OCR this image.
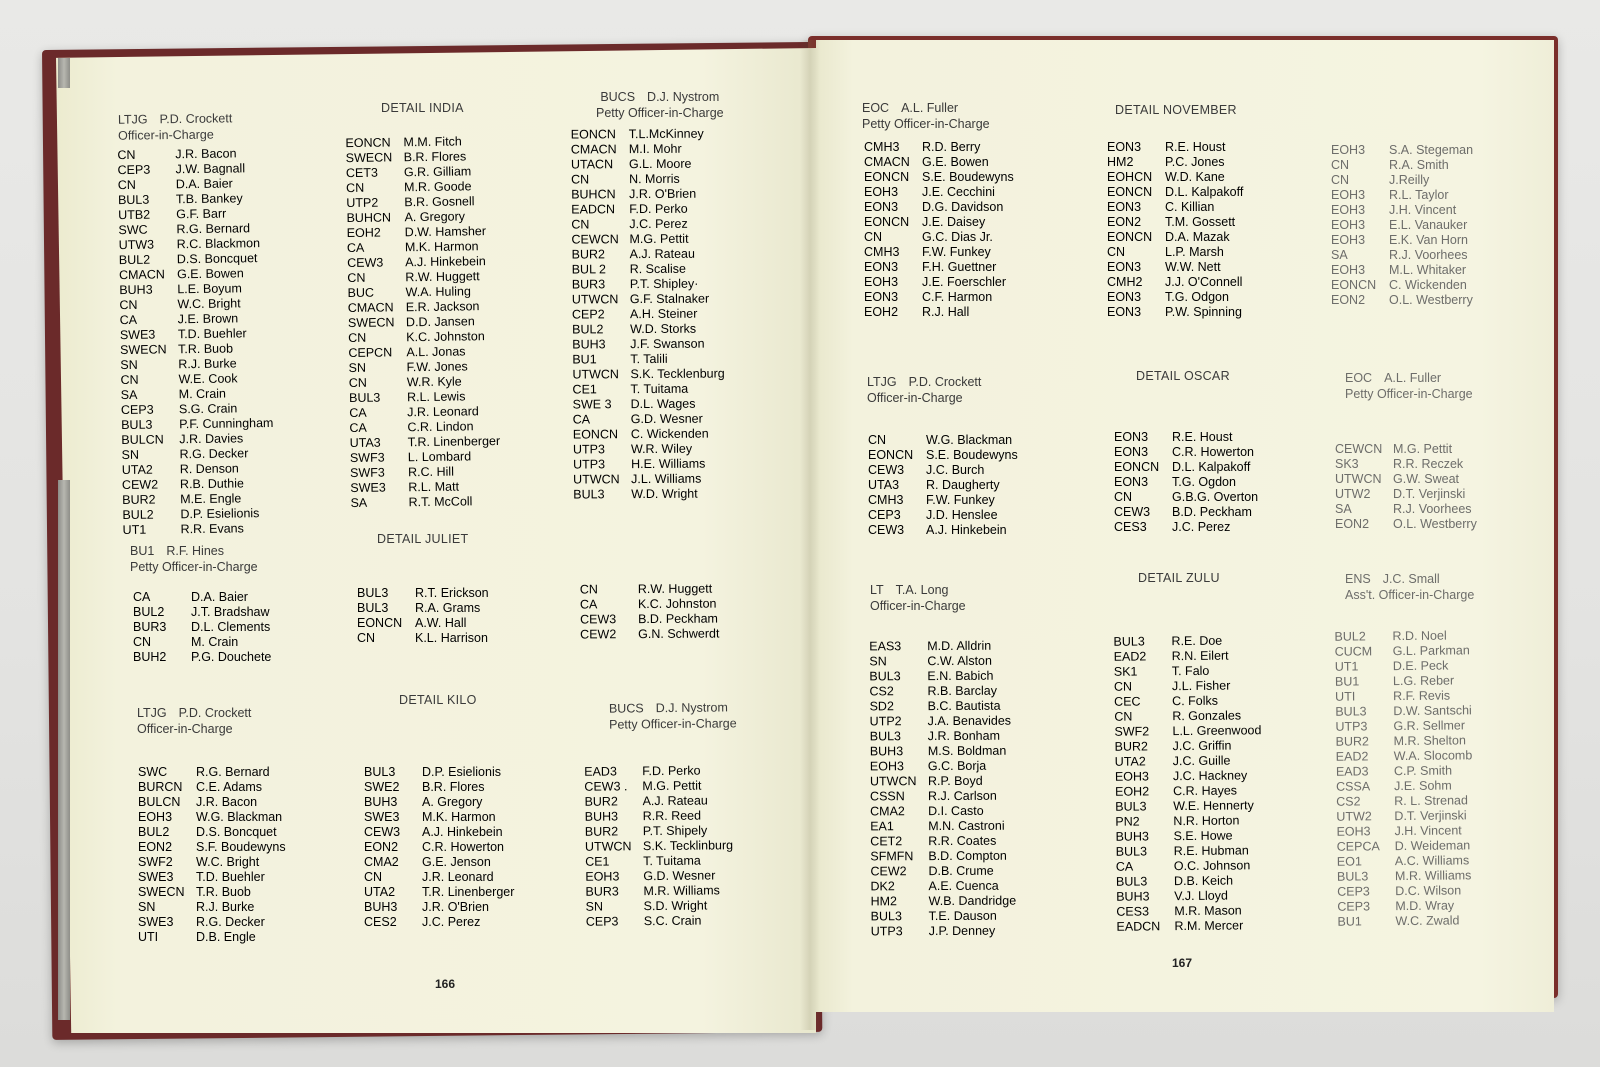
LTJG P.D. Crockett
Officer-in-Charge
DETAIL INDIA
BUCS D.J. Nystrom
Petty Officer-in-Charge
CN	J.R. Bacon
CEP3	J.W. Bagnall
CN	D.A. Baier
BUL3	T.B. Bankey
UTB2	G.F. Barr
SWC	R.G. Bernard
UTW3	R.C. Blackmon
BUL2	D.S. Boncquet
CMACN G.E. Bowen
BUH3	L.E. Boyum
CN	W.C. Bright
CA	J.E. Brown
SWE3	T.D. Buehler
SWECN T.R. Buob
SN	R.J. Burke
CN	W.E. Cook
SA	M. Crain
CEP3	S.G. Crain
BUL3	P.F. Cunningham
BULCN	J.R. Davies
SN	R.G. Decker
UTA2	R. Denson
CEW2	R.B. Duthie
BUR2	M.E. Engle
BUL2	D.P. Esielionis
UT1	R.R. Evans
EONCN	M.M. Fitch
SWECN B.R. Flores
CET3	G.R. Gilliam
CN	M.R. Goode
UTP2	B.R. Gosnell
BUHCN	A. Gregory
EOH2	D.W. Hamsher
CA	M.K. Harmon
CEW3	A.J. Hinkebein
CN	R.W. Huggett
BUC	W.A. Huling
CMACN E.R. Jackson
SWECN D.D. Jansen
CN	K.C. Johnston
CEPCN	A.L. Jonas
SN	F.W. Jones
CN	W.R. Kyle
BUL3	R.L. Lewis
CA	J.R. Leonard
CA	C.R. Lindon
UTA3	T.R. Linenberger
SWF3	L. Lombard
SWF3	R.C. Hill
SWE3	R.L. Matt
SA	R.T. McColl
EONCN	T.L.McKinney
CMACN M.I. Mohr
UTACN	G.L. Moore
CN	N. Morris
BUHCN	J.R. O'Brien
EADCN	F.D. Perko
CN	J.C. Perez
CEWCN M.G. Pettit
BUR2	A.J. Rateau
BUL 2	R. Scalise
BUR3	P.T. Shipley·
UTWCN G.F. Stalnaker
CEP2	A.H. Steiner
BUL2	W.D. Storks
BUH3	J.F. Swanson
BU1	T. Talili
UTWCN S.K. Tecklenburg
CE1	T. Tuitama
SWE 3	D.L. Wages
CA	G.D. Wesner
EONCN	C. Wickenden
UTP3	W.R. Wiley
UTP3	H.E. Williams
UTWCN J.L. Williams
BUL3	W.D. Wright
BU1 R.F. Hines
Petty Officer-in-Charge
DETAIL JULIET
CA	D.A. Baier
BUL2	J.T. Bradshaw
BUR3	D.L. Clements
CN	M. Crain
BUH2	P.G. Douchete
BUL3	R.T. Erickson
BUL3	R.A. Grams
EONCN	A.W. Hall
CN	K.L. Harrison
CN	R.W. Huggett
CA	K.C. Johnston
CEW3	B.D. Peckham
CEW2	G.N. Schwerdt
LTJG P.D. Crockett
Officer-in-Charge
DETAIL KILO
BUCS D.J. Nystrom
Petty Officer-in-Charge
SWC	R.G. Bernard
BURCN	C.E. Adams
BULCN	J.R. Bacon
EOH3	W.G. Blackman
BUL2	D.S. Boncquet
EON2	S.F. Boudewyns
SWF2	W.C. Bright
SWE3	T.D. Buehler
SWECN T.R. Buob
SN	R.J. Burke
SWE3	R.G. Decker
UTI	D.B. Engle
BUL3	D.P. Esielionis
SWE2	B.R. Flores
BUH3	A. Gregory
SWE3	M.K. Harmon
CEW3	A.J. Hinkebein
EON2	C.R. Howerton
CMA2	G.E. Jenson
CN	J.R. Leonard
UTA2	T.R. Linenberger
BUH3	J.R. O'Brien
CES2	J.C. Perez
EAD3	F.D. Perko
CEW3 .	M.G. Pettit
BUR2	A.J. Rateau
BUH3	R.R. Reed
BUR2	P.T. Shipely
UTWCN S.K. Tecklinburg
CE1	T. Tuitama
EOH3	G.D. Wesner
BUR3	M.R. Williams
SN	S.D. Wright
CEP3	S.C. Crain
166
EOC A.L. Fuller
Petty Officer-in-Charge
DETAIL NOVEMBER
CMH3	R.D. Berry
CMACN G.E. Bowen
EONCN	S.E. Boudewyns
EOH3	J.E. Cecchini
EON3	D.G. Davidson
EONCN	J.E. Daisey
CN	G.C. Dias Jr.
CMH3	F.W. Funkey
EON3	F.H. Guettner
EOH3	J.E. Foerschler
EON3	C.F. Harmon
EOH2	R.J. Hall
EON3	R.E. Houst
HM2	P.C. Jones
EOHCN	W.D. Kane
EONCN	D.L. Kalpakoff
EON3	C. Killian
EON2	T.M. Gossett
EONCN	D.A. Mazak
CN	L.P. Marsh
EON3	W.W. Nett
CMH2	J.J. O'Connell
EON3	T.G. Odgon
EON3	P.W. Spinning
EOH3	S.A. Stegeman
CN	R.A. Smith
CN	J.Reilly
EOH3	R.L. Taylor
EOH3	J.H. Vincent
EOH3	E.L. Vanauker
EOH3	E.K. Van Horn
SA	R.J. Voorhees
EOH3	M.L. Whitaker
EONCN	C. Wickenden
EON2	O.L. Westberry
LTJG P.D. Crockett
Officer-in-Charge
DETAIL OSCAR	EOC A.L. Fuller
Petty Officer-in-Charge
CN	W.G. Blackman
EONCN	S.E. Boudewyns
CEW3	J.C. Burch
UTA3	R. Daugherty
CMH3	F.W. Funkey
CEP3	J.D. Henslee
CEW3	A.J. Hinkebein
EON3	R.E. Houst
EON3	C.R. Howerton
EONCN	D.L. Kalpakoff
EON3	T.G. Ogdon
CN	G.B.G. Overton
CEW3	B.D. Peckham
CES3	J.C. Perez
CEWCN M.G. Pettit
SK3	R.R. Reczek
UTWCN G.W. Sweat
UTW2	D.T. Verjinski
SA	R.J. Voorhees
EON2	O.L. Westberry
LT T.A. Long
Officer-in-Charge
DETAIL ZULU	ENS J.C. Small
Ass't. Officer-in-Charge
EAS3	M.D. Alldrin
SN	C.W. Alston
BUL3	E.N. Babich
CS2	R.B. Barclay
SD2	B.C. Bautista
UTP2	J.A. Benavides
BUL3	J.R. Bonham
BUH3	M.S. Boldman
EOH3	G.C. Borja
UTWCN R.P. Boyd
CSSN	R.J. Carlson
CMA2	D.I. Casto
EA1	M.N. Castroni
CET2	R.R. Coates
SFMFN	B.D. Compton
CEW2	D.B. Crume
DK2	A.E. Cuenca
HM2	W.B. Dandridge
BUL3	T.E. Dauson
UTP3	J.P. Denney
BUL3	R.E. Doe
EAD2	R.N. Eilert
SK1	T. Falo
CN	J.L. Fisher
CEC	C. Folks
CN	R. Gonzales
SWF2	L.L. Greenwood
BUR2	J.C. Griffin
UTA2	J.C. Guille
EOH3	J.C. Hackney
EOH2	C.R. Hayes
BUL3	W.E. Hennerty
PN2	N.R. Horton
BUH3	S.E. Howe
BUL3	R.E. Hubman
CA	O.C. Johnson
BUL3	D.B. Keich
BUH3	V.J. Lloyd
CES3	M.R. Mason
EADCN	R.M. Mercer
BUL2	R.D. Noel
CUCM	G.L. Parkman
UT1	D.E. Peck
BU1	L.G. Reber
UTI	R.F. Revis
BUL3	D.W. Santschi
UTP3	G.R. Sellmer
BUR2	M.R. Shelton
EAD2	W.A. Slocomb
EAD3	C.P. Smith
CSSA	J.E. Sohm
CS2	R. L. Strenad
UTW2	D.T. Verjinski
EOH3	J.H. Vincent
CEPCA	D. Weideman
EO1	A.C. Williams
BUL3	M.R. Williams
CEP3	D.C. Wilson
CEP3	M.D. Wray
BU1	W.C. Zwald
167
